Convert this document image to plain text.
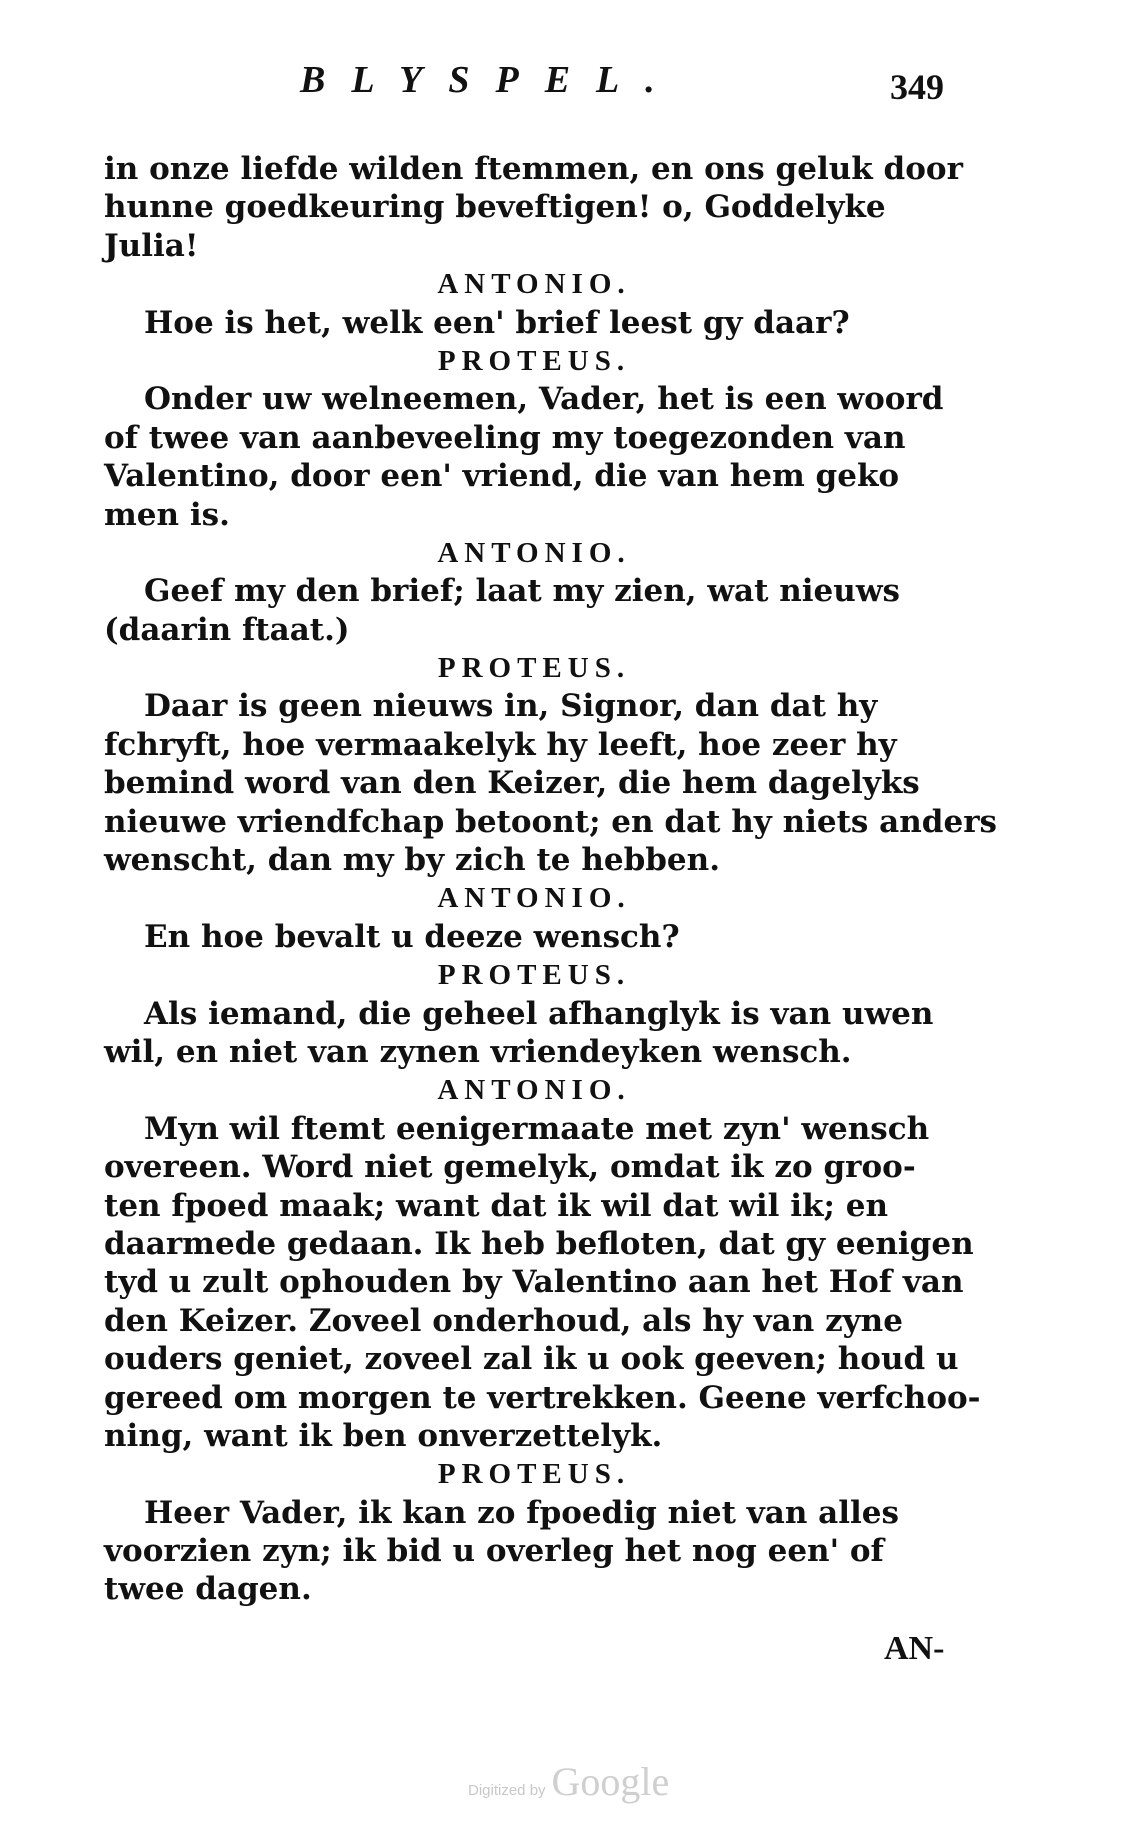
BLYSPEL.	349
in onze liefde wilden ftemmen, en ons geluk door
hunne goedkeuring beveftigen! o, Goddelyke
Julia!
ANTONIO.
Hoe is het, welk een' brief leest gy daar?
PROTEUS.
Onder uw welneemen, Vader, het is een woord
of twee van aanbeveeling my toegezonden van
Valentino, door een' vriend, die van hem geko
men is.
ANTONIO.
Geef my den brief; laat my zien, wat nieuws
(daarin ftaat.)
PROTEUS.
Daar is geen nieuws in, Signor, dan dat hy
fchryft, hoe vermaakelyk hy leeft, hoe zeer hy
bemind word van den Keizer, die hem dagelyks
nieuwe vriendfchap betoont; en dat hy niets anders
wenscht, dan my by zich te hebben.
ANTONIO.
En hoe bevalt u deeze wensch?
PROTEUS.
Als iemand, die geheel afhanglyk is van uwen
wil, en niet van zynen vriendeyken wensch.
ANTONIO.
Myn wil ftemt eenigermaate met zyn' wensch
overeen. Word niet gemelyk, omdat ik zo groo-
ten fpoed maak; want dat ik wil dat wil ik; en
daarmede gedaan. Ik heb befloten, dat gy eenigen
tyd u zult ophouden by Valentino aan het Hof van
den Keizer. Zoveel onderhoud, als hy van zyne
ouders geniet, zoveel zal ik u ook geeven; houd u
gereed om morgen te vertrekken. Geene verfchoo-
ning, want ik ben onverzettelyk.
PROTEUS.
Heer Vader, ik kan zo fpoedig niet van alles
voorzien zyn; ik bid u overleg het nog een' of
twee dagen.
AN-
Digitized by Google
